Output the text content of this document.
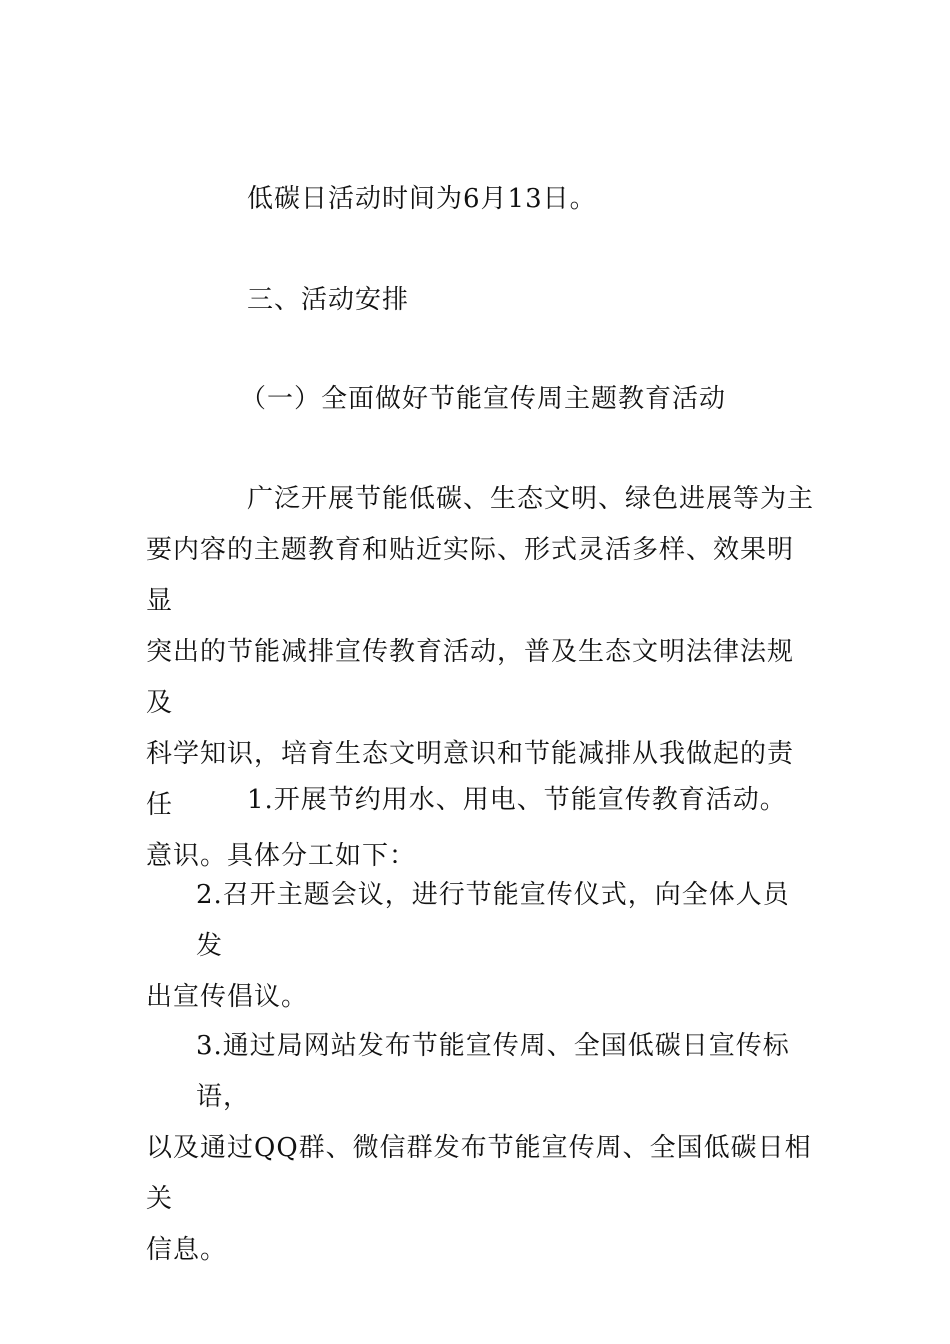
低碳日活动时间为6月13日。
三、活动安排
（一）全面做好节能宣传周主题教育活动
广泛开展节能低碳、生态文明、绿色进展等为主
要内容的主题教育和贴近实际、形式灵活多样、效果明显
突出的节能减排宣传教育活动，普及生态文明法律法规及
科学知识，培育生态文明意识和节能减排从我做起的责任
意识。具体分工如下：
1.开展节约用水、用电、节能宣传教育活动。
2.召开主题会议，进行节能宣传仪式，向全体人员发
出宣传倡议。
3.通过局网站发布节能宣传周、全国低碳日宣传标语，
以及通过QQ群、微信群发布节能宣传周、全国低碳日相关
信息。
